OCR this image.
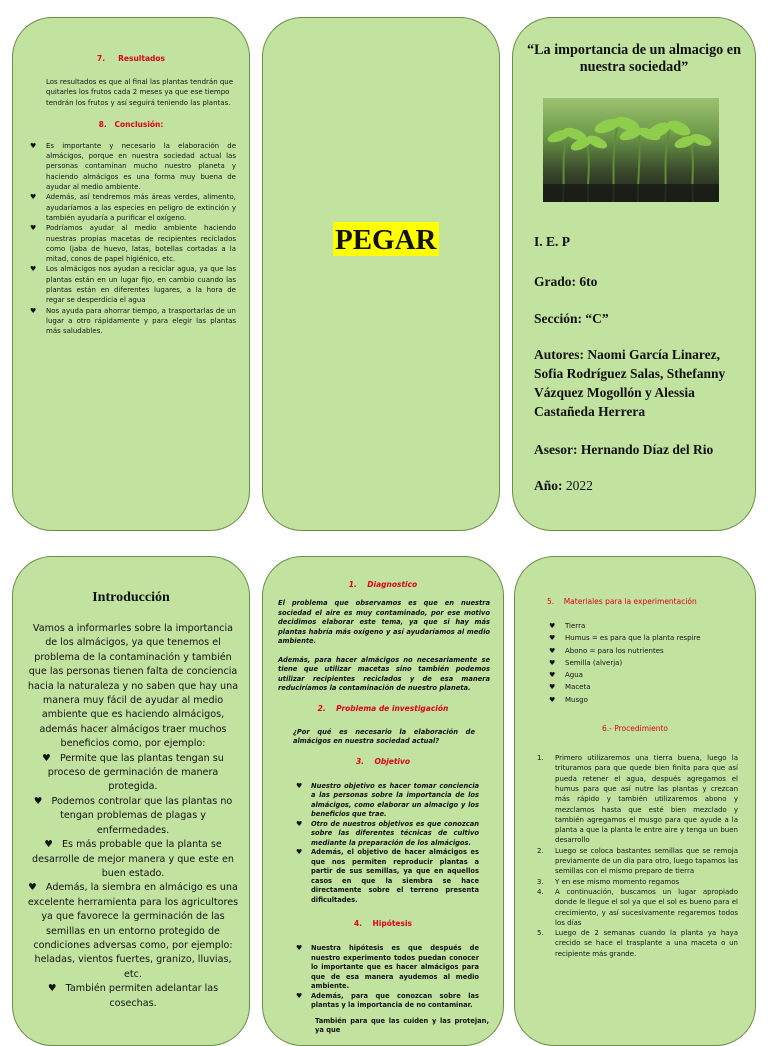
7.     Resultados
Los resultados es que al final las plantas tendrán que quitarles los frutos cada 2 meses ya que ese tiempo tendrán los frutos y así seguirá teniendo las plantas.
8.   Conclusión:
♥ Es importante y necesario la elaboración de almácigos, porque en nuestra sociedad actual las personas contaminan mucho nuestro planeta y haciendo almácigos es una forma muy buena de ayudar al medio ambiente.
♥ Además, así tendremos más áreas verdes, alimento, ayudaríamos a las especies en peligro de extinción y también ayudaría a purificar el oxígeno.
♥ Podríamos ayudar al medio ambiente haciendo nuestras propias macetas de recipientes reciclados como (jaba de huevo, latas, botellas cortadas a la mitad, conos de papel higiénico, etc.
♥ Los almácigos nos ayudan a reciclar agua, ya que las plantas están en un lugar fijo, en cambio cuando las plantas están en diferentes lugares, a la hora de regar se desperdicia el agua
♥ Nos ayuda para ahorrar tiempo, a trasportarlas de un lugar a otro rápidamente y para elegir las plantas más saludables.
PEGAR
“La importancia de un almacigo en nuestra sociedad”
I. E. P
Grado: 6to
Sección: “C”
Autores: Naomi García Linarez, Sofia Rodríguez Salas, Sthefanny Vázquez Mogollón y Alessia Castañeda Herrera
Asesor: Hernando Díaz del Rio
Año: 2022
Introducción

Vamos a informarles sobre la importancia de los almácigos, ya que tenemos el problema de la contaminación y también que las personas tienen falta de conciencia hacia la naturaleza y no saben que hay una manera muy fácil de ayudar al medio ambiente que es haciendo almácigos, además hacer almácigos traer muchos beneficios como, por ejemplo:

♥ Permite que las plantas tengan su proceso de germinación de manera protegida.

♥ Podemos controlar que las plantas no tengan problemas de plagas y enfermedades.

♥ Es más probable que la planta se desarrolle de mejor manera y que este en buen estado.

♥ Además, la siembra en almácigo es una excelente herramienta para los agricultores ya que favorece la germinación de las semillas en un entorno protegido de condiciones adversas como, por ejemplo: heladas, vientos fuertes, granizo, lluvias, etc.

♥ También permiten adelantar las cosechas.

1.    Diagnostico
El problema que observamos es que en nuestra sociedad el aire es muy contaminado, por ese motivo decidimos elaborar este tema, ya que si hay más plantas habría más oxígeno y así ayudaríamos al medio ambiente.
Además, para hacer almácigos no necesariamente se tiene que utilizar macetas sino también podemos utilizar recipientes reciclados y de esa manera reduciríamos la contaminación de nuestro planeta.
2.    Problema de investigación
¿Por qué es necesario la elaboración de almácigos en nuestra sociedad actual?
3.    Objetivo
♥ Nuestro objetivo es hacer tomar conciencia a las personas sobre la importancia de los almácigos, como elaborar un almacigo y los beneficios que trae.
♥ Otro de nuestros objetivos es que conozcan sobre las diferentes técnicas de cultivo mediante la preparación de los almácigos.
♥ Además, el objetivo de hacer almácigos es que nos permiten reproducir plantas a partir de sus semillas, ya que en aquellos casos en que la siembra se hace directamente sobre el terreno presenta dificultades.
4.    Hipótesis
♥ Nuestra hipótesis es que después de nuestro experimento todos puedan conocer lo importante que es hacer almácigos para que de esa manera ayudemos al medio ambiente.
♥ Además, para que conozcan sobre las plantas y la importancia de no contaminar.
También para que las cuiden y las protejan, ya que
5.    Materiales para la experimentación
♥ Tierra
♥ Humus = es para que la planta respire
♥ Abono = para los nutrientes
♥ Semilla (alverja)
♥ Agua
♥ Maceta
♥ Musgo
6.- Procedimiento
1. Primero utilizaremos una tierra buena, luego la trituramos para que quede bien finita para que así pueda retener el agua, después agregamos el humus para que así nutre las plantas y crezcan más rápido y también utilizaremos abono y mezclamos hasta que esté bien mezclado y también agregamos el musgo para que ayude a la planta a que la planta le entre aire y tenga un buen desarrollo
2. Luego se coloca bastantes semillas que se remoja previamente de un día para otro, luego tapamos las semillas con el mismo preparo de tierra
3. Y en ese mismo momento regamos
4. A continuación, buscamos un lugar apropiado donde le llegue el sol ya que el sol es bueno para el crecimiento, y así sucesivamente regaremos todos los días
5. Luego de 2 semanas cuando la planta ya haya crecido se hace el trasplante a una maceta o un recipiente más grande.
